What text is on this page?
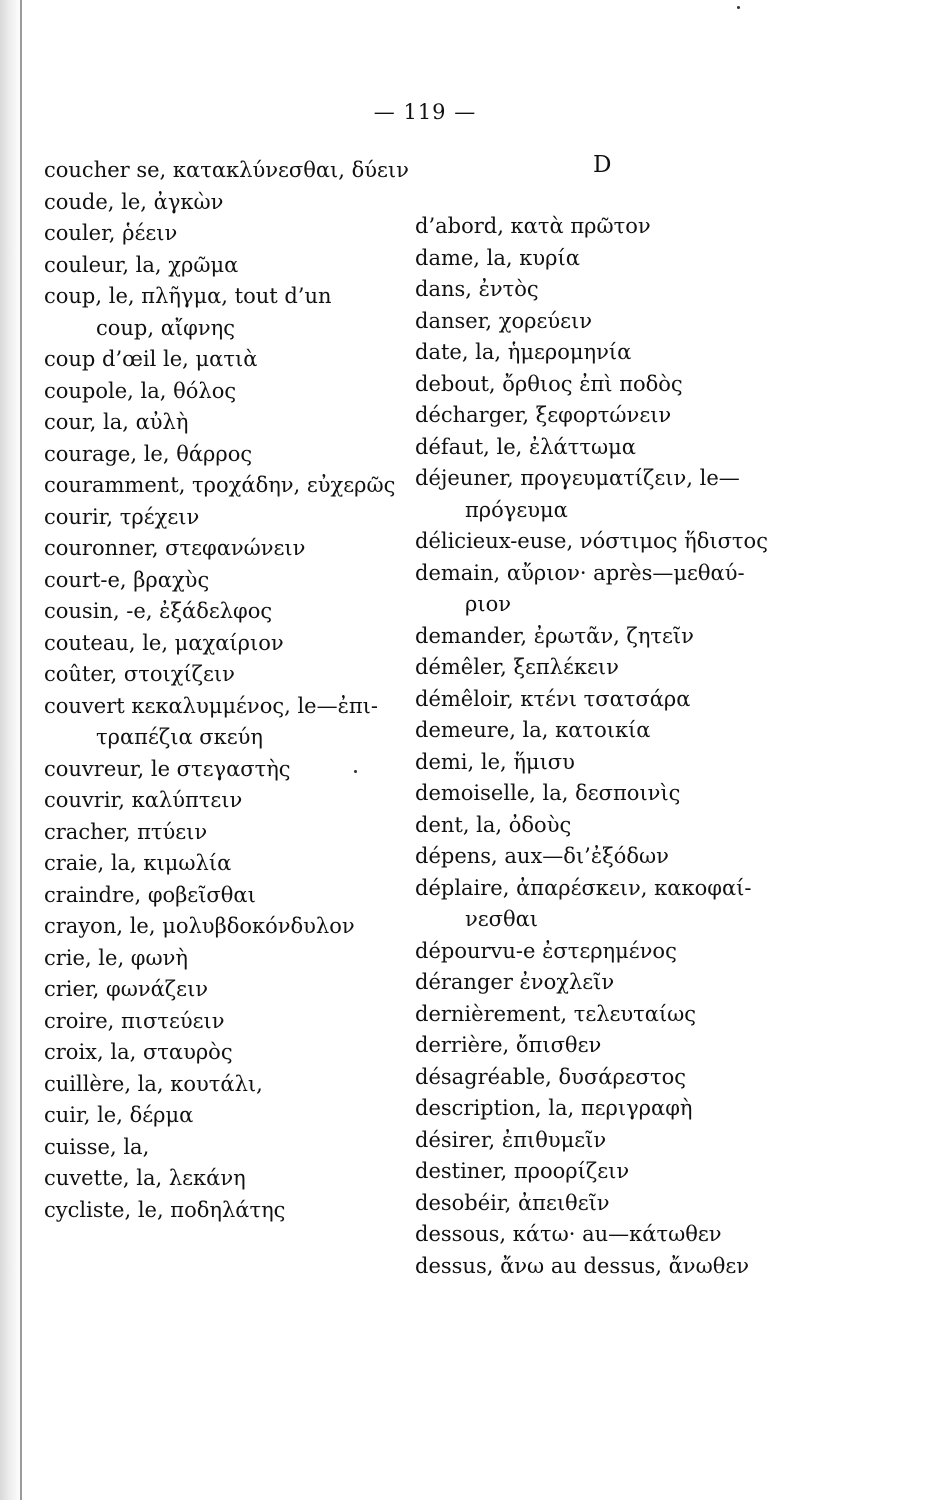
— 119 —
D
coucher se, κατακλύνεσθαι, δύειν
coude, le, ἀγκὼν
couler, ῥέειν
couleur, la, χρῶμα
coup, le, πλῆγμα, tout d’un
coup, αἴφνης
coup d’œil le, ματιὰ
coupole, la, θόλος
cour, la, αὐλὴ
courage, le, θάρρος
couramment, τροχάδην, εὐχερῶς
courir, τρέχειν
couronner, στεφανώνειν
court-e, βραχὺς
cousin, -e, ἐξάδελφος
couteau, le, μαχαίριον
coûter, στοιχίζειν
couvert κεκαλυμμένος, le—ἐπι-
τραπέζια σκεύη
couvreur, le στεγαστὴς
couvrir, καλύπτειν
cracher, πτύειν
craie, la, κιμωλία
craindre, φοβεῖσθαι
crayon, le, μολυβδοκόνδυλον
crie, le, φωνὴ
crier, φωνάζειν
croire, πιστεύειν
croix, la, σταυρὸς
cuillère, la, κουτάλι,
cuir, le, δέρμα
cuisse, la,
cuvette, la, λεκάνη
cycliste, le, ποδηλάτης
d’abord, κατὰ πρῶτον
dame, la, κυρία
dans, ἐντὸς
danser, χορεύειν
date, la, ἡμερομηνία
debout, ὄρθιος ἐπὶ ποδὸς
décharger, ξεφορτώνειν
défaut, le, ἐλάττωμα
déjeuner, προγευματίζειν, le—
πρόγευμα
délicieux-euse, νόστιμος ἥδιστος
demain, αὔριον· après—μεθαύ-
ριον
demander, ἐρωτᾶν, ζητεῖν
démêler, ξεπλέκειν
démêloir, κτένι τσατσάρα
demeure, la, κατοικία
demi, le, ἥμισυ
demoiselle, la, δεσποινὶς
dent, la, ὀδοὺς
dépens, aux—δι’ἐξόδων
déplaire, ἀπαρέσκειν, κακοφαί-
νεσθαι
dépourvu-e ἐστερημένος
déranger ἐνοχλεῖν
dernièrement, τελευταίως
derrière, ὄπισθεν
désagréable, δυσάρεστος
description, la, περιγραφὴ
désirer, ἐπιθυμεῖν
destiner, προορίζειν
desobéir, ἀπειθεῖν
dessous, κάτω· au—κάτωθεν
dessus, ἄνω au dessus, ἄνωθεν
